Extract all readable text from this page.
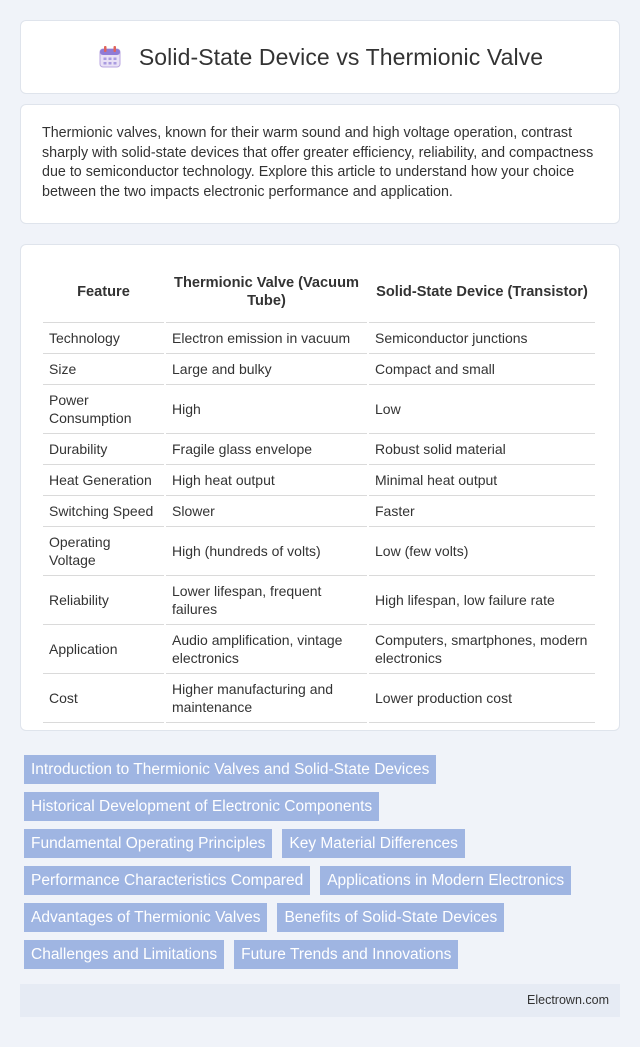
Solid-State Device vs Thermionic Valve

Thermionic valves, known for their warm sound and high voltage operation, contrast sharply with solid-state devices that offer greater efficiency, reliability, and compactness due to semiconductor technology. Explore this article to understand how your choice between the two impacts electronic performance and application.

Feature	Thermionic Valve (Vacuum Tube)	Solid-State Device (Transistor)
Technology	Electron emission in vacuum	Semiconductor junctions
Size	Large and bulky	Compact and small
Power Consumption	High	Low
Durability	Fragile glass envelope	Robust solid material
Heat Generation	High heat output	Minimal heat output
Switching Speed	Slower	Faster
Operating Voltage	High (hundreds of volts)	Low (few volts)
Reliability	Lower lifespan, frequent failures	High lifespan, low failure rate
Application	Audio amplification, vintage electronics	Computers, smartphones, modern electronics
Cost	Higher manufacturing and maintenance	Lower production cost
Introduction to Thermionic Valves and Solid-State Devices
Historical Development of Electronic Components
Fundamental Operating Principles	Key Material Differences
Performance Characteristics Compared	Applications in Modern Electronics
Advantages of Thermionic Valves	Benefits of Solid-State Devices
Challenges and Limitations	Future Trends and Innovations
Electrown.com
